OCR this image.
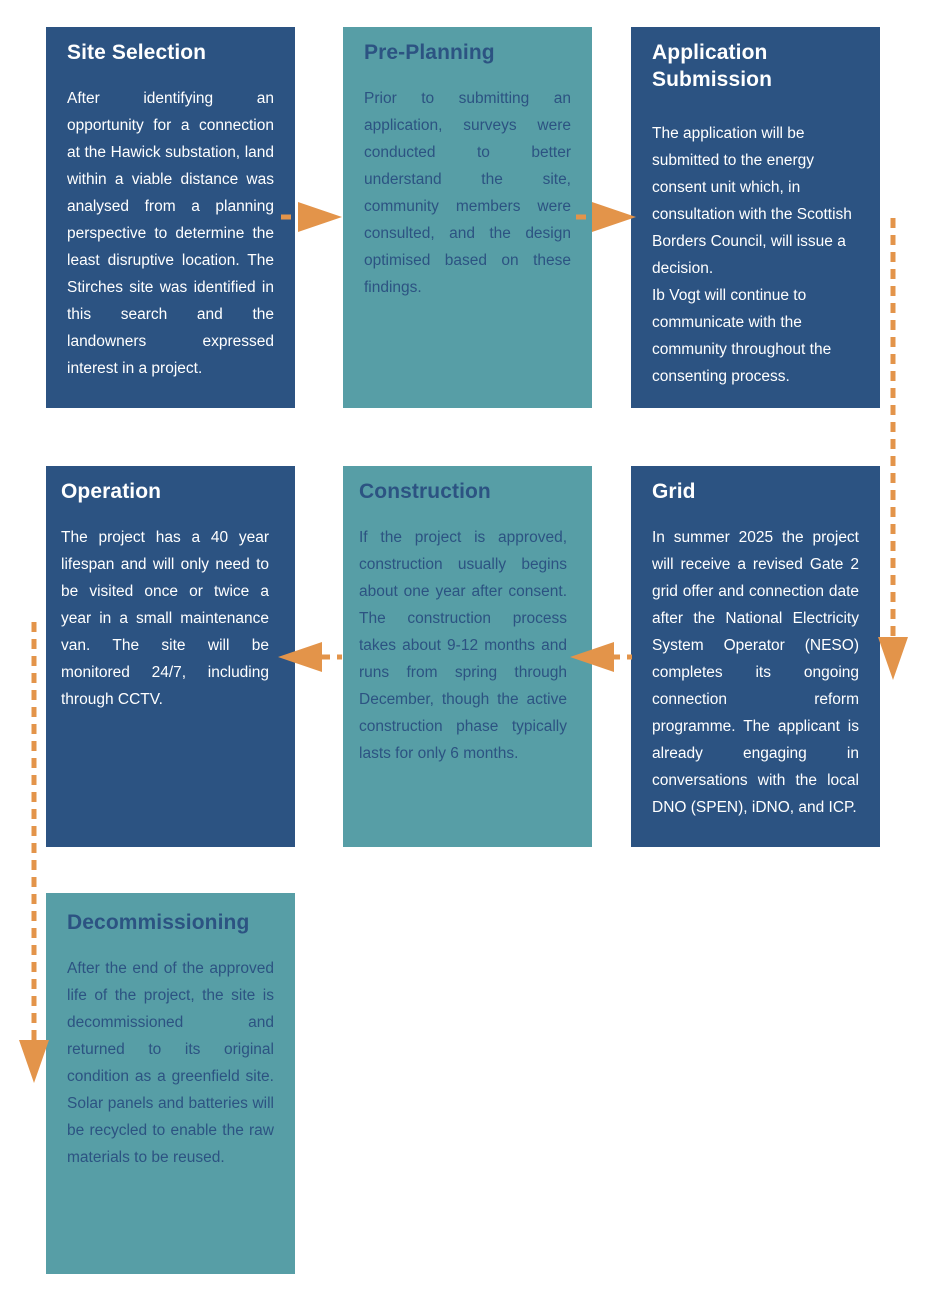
Site Selection

After identifying an opportunity for a connection at the Hawick substation, land within a viable distance was analysed from a planning perspective to determine the least disruptive location. The Stirches site was identified in this search and the landowners expressed interest in a project.

Pre-Planning

Prior to submitting an application, surveys were conducted to better understand the site, community members were consulted, and the design optimised based on these findings.

Application Submission

The application will be submitted to the energy consent unit which, in consultation with the Scottish Borders Council, will issue a decision.
Ib Vogt will continue to communicate with the community throughout the consenting process.

Operation

The project has a 40 year lifespan and will only need to be visited once or twice a year in a small maintenance van. The site will be monitored 24/7, including through CCTV.

Construction

If the project is approved, construction usually begins about one year after consent. The construction process takes about 9-12 months and runs from spring through December, though the active construction phase typically lasts for only 6 months.

Grid

In summer 2025 the project will receive a revised Gate 2 grid offer and connection date after the National Electricity System Operator (NESO) completes its ongoing connection reform programme. The applicant is already engaging in conversations with the local DNO (SPEN), iDNO, and ICP.

Decommissioning

After the end of the approved life of the project, the site is decommissioned and returned to its original condition as a greenfield site. Solar panels and batteries will be recycled to enable the raw materials to be reused.
